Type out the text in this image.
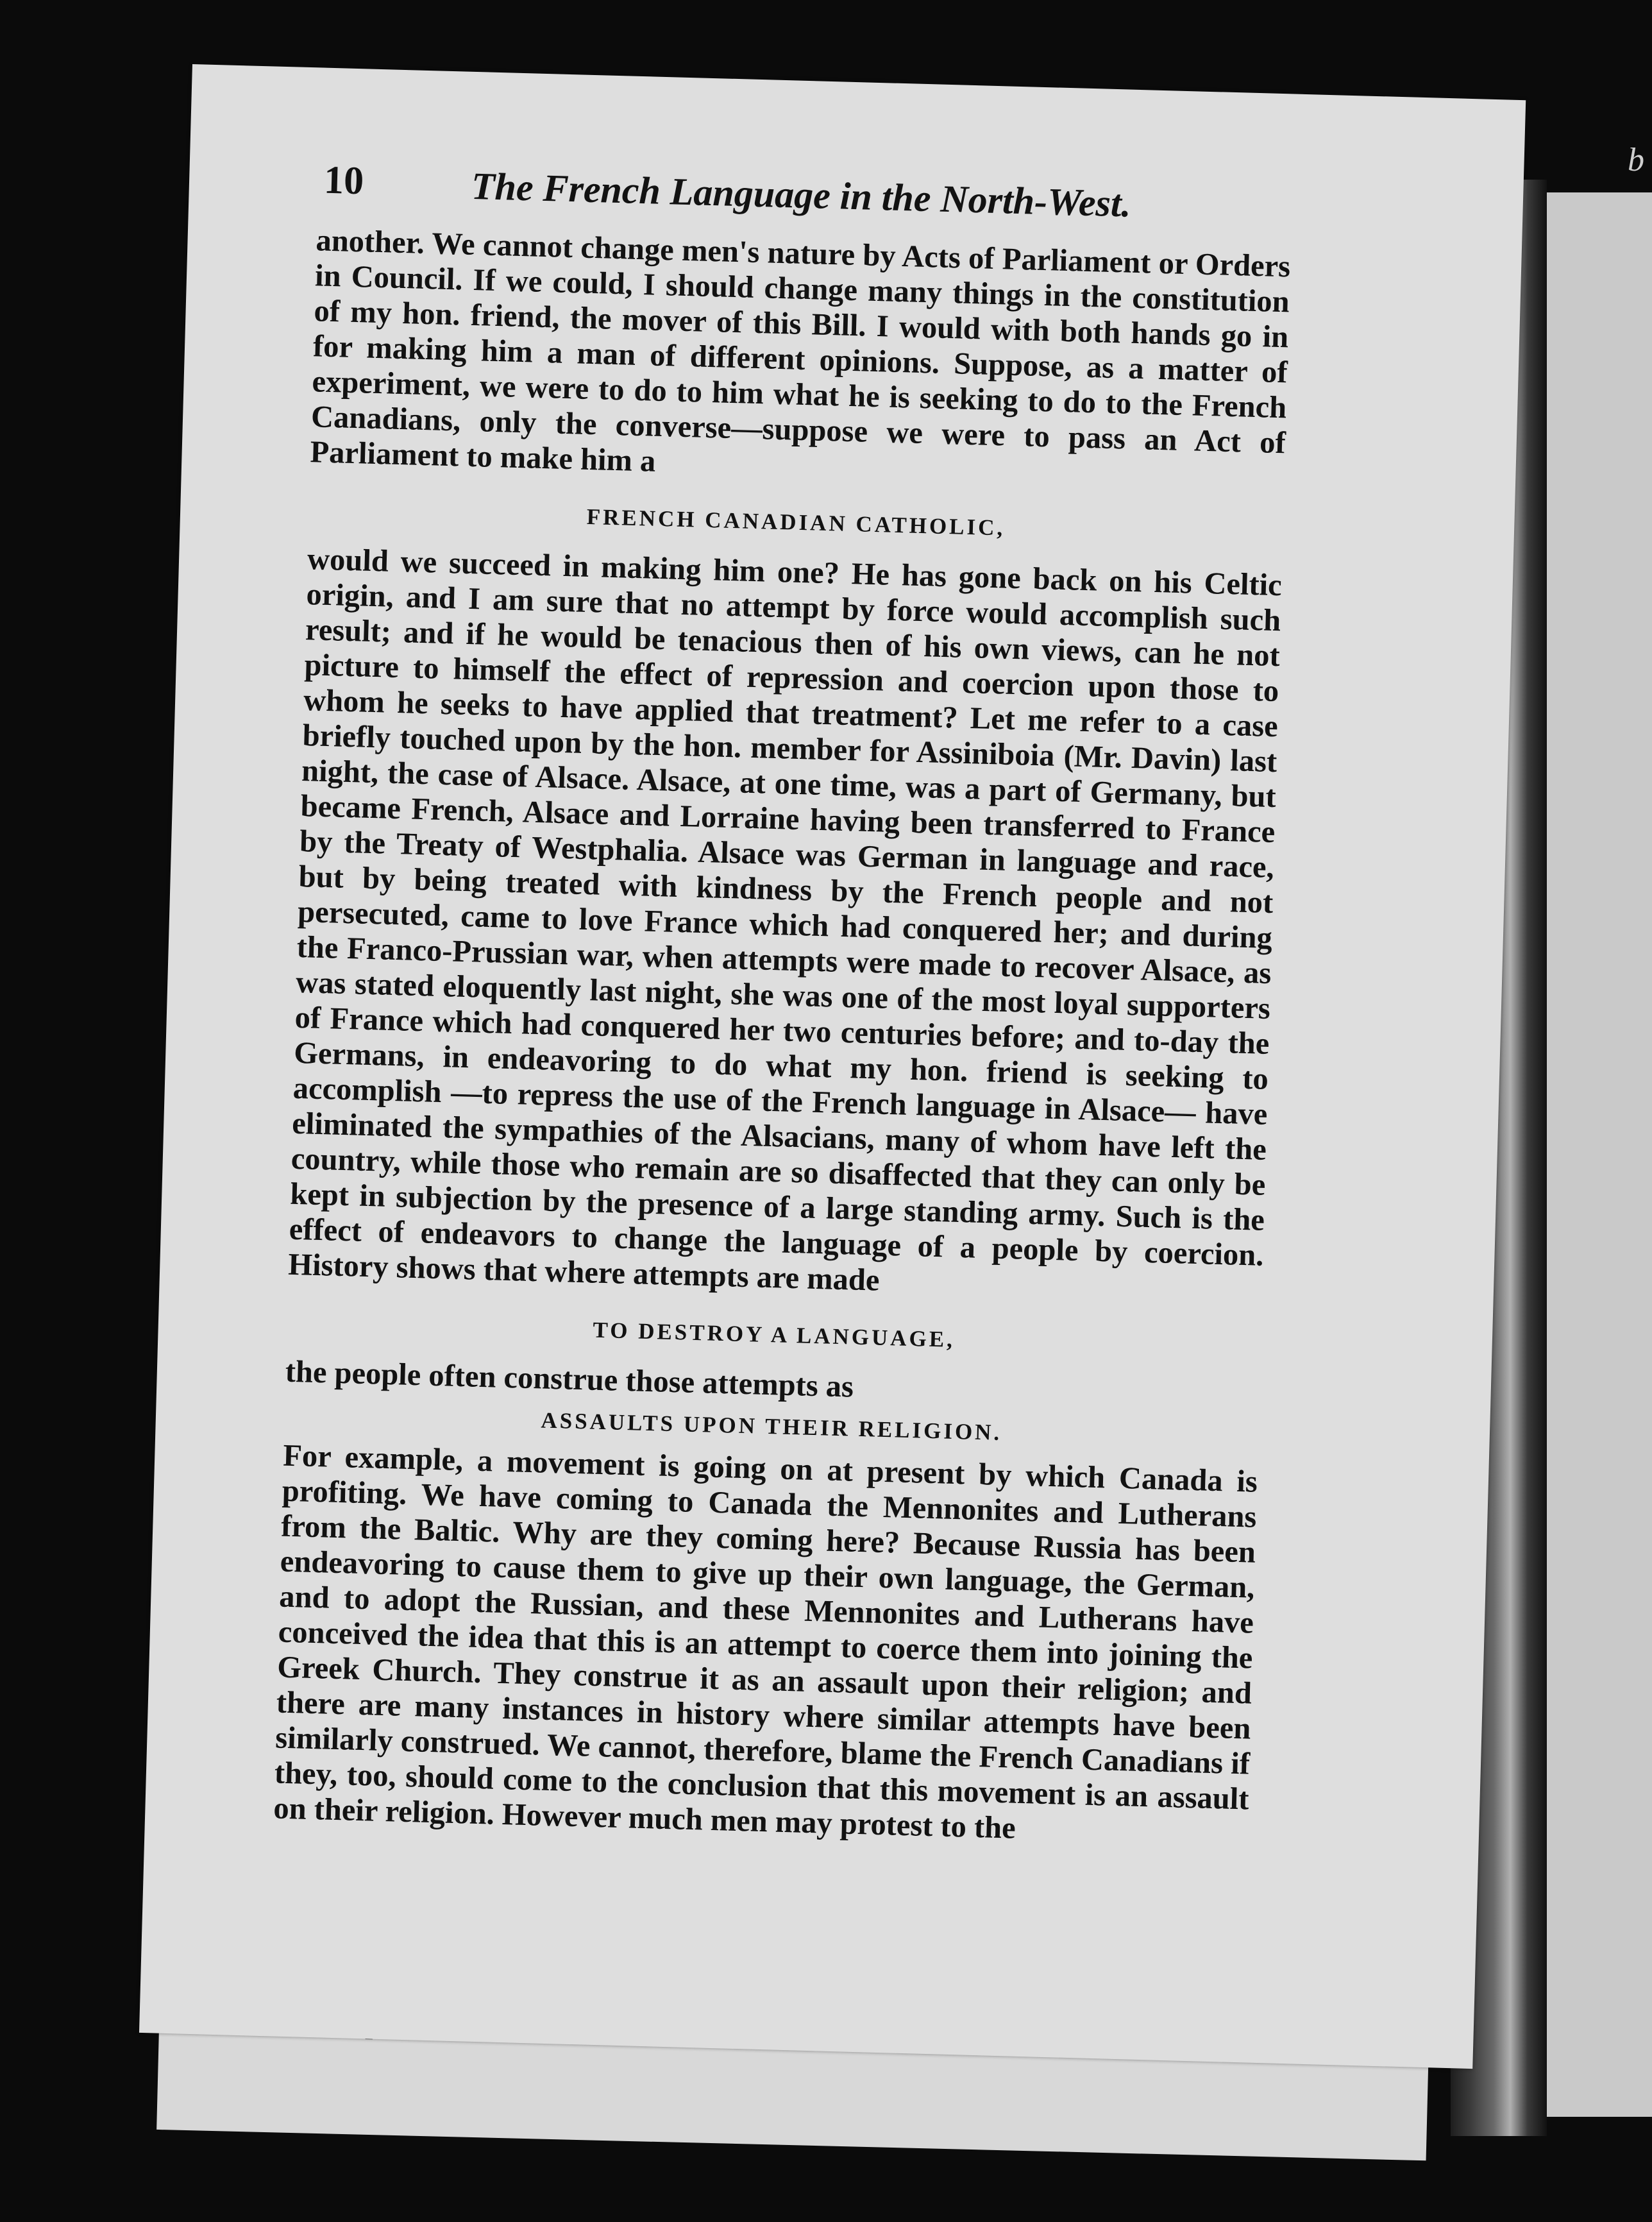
b
10	The French Language in the North-West.

another. We cannot change men's nature by Acts of Parliament or Orders in Council. If we could, I should change many things in the constitution of my hon. friend, the mover of this Bill. I would with both hands go in for making him a man of different opinions. Suppose, as a matter of experiment, we were to do to him what he is seeking to do to the French Canadians, only the converse—suppose we were to pass an Act of Parliament to make him a

FRENCH CANADIAN CATHOLIC,

would we succeed in making him one? He has gone back on his Celtic origin, and I am sure that no attempt by force would accomplish such result; and if he would be tenacious then of his own views, can he not picture to himself the effect of repression and coercion upon those to whom he seeks to have applied that treatment? Let me refer to a case briefly touched upon by the hon. member for Assiniboia (Mr. Davin) last night, the case of Alsace. Alsace, at one time, was a part of Germany, but became French, Alsace and Lorraine having been transferred to France by the Treaty of Westphalia. Alsace was German in language and race, but by being treated with kindness by the French people and not persecuted, came to love France which had conquered her; and during the Franco-Prussian war, when attempts were made to recover Alsace, as was stated eloquently last night, she was one of the most loyal supporters of France which had conquered her two centuries before; and to-day the Germans, in endeavoring to do what my hon. friend is seeking to accomplish —to repress the use of the French language in Alsace— have eliminated the sympathies of the Alsacians, many of whom have left the country, while those who remain are so disaffected that they can only be kept in subjection by the presence of a large standing army. Such is the effect of endeavors to change the language of a people by coercion. History shows that where attempts are made

TO DESTROY A LANGUAGE,

the people often construe those attempts as

ASSAULTS UPON THEIR RELIGION.

For example, a movement is going on at present by which Canada is profiting. We have coming to Canada the Mennonites and Lutherans from the Baltic. Why are they coming here? Because Russia has been endeavoring to cause them to give up their own language, the German, and to adopt the Russian, and these Mennonites and Lutherans have conceived the idea that this is an attempt to coerce them into joining the Greek Church. They construe it as an assault upon their religion; and there are many instances in history where similar attempts have been similarly construed. We cannot, therefore, blame the French Canadians if they, too, should come to the conclusion that this movement is an assault on their religion. However much men may protest to the
